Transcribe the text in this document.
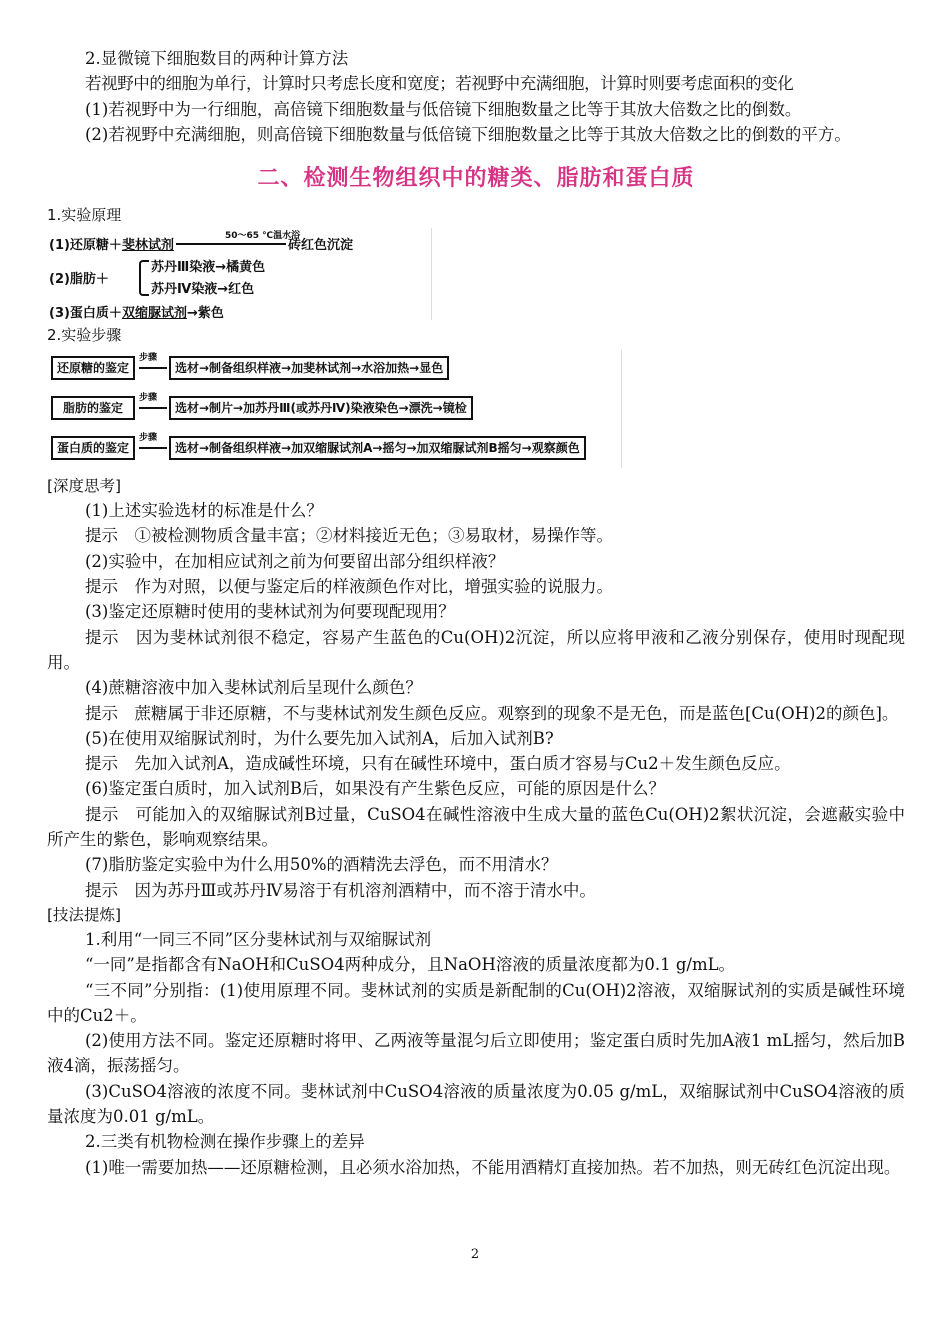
2.显微镜下细胞数目的两种计算方法

若视野中的细胞为单行，计算时只考虑长度和宽度；若视野中充满细胞，计算时则要考虑面积的变化

(1)若视野中为一行细胞，高倍镜下细胞数量与低倍镜下细胞数量之比等于其放大倍数之比的倒数。

(2)若视野中充满细胞，则高倍镜下细胞数量与低倍镜下细胞数量之比等于其放大倍数之比的倒数的平方。

二、检测生物组织中的糖类、脂肪和蛋白质
1.实验原理
(1)还原糖＋斐林试剂	砖红色沉淀
50～65 ℃温水浴
(2)脂肪＋
苏丹Ⅲ染液→橘黄色
苏丹Ⅳ染液→红色
(3)蛋白质＋双缩脲试剂→紫色
2.实验步骤
还原糖的鉴定
步骤
选材→制备组织样液→加斐林试剂→水浴加热→显色
脂肪的鉴定
步骤
选材→制片→加苏丹Ⅲ(或苏丹Ⅳ)染液染色→漂洗→镜检
蛋白质的鉴定
步骤
选材→制备组织样液→加双缩脲试剂A→摇匀→加双缩脲试剂B摇匀→观察颜色
[深度思考]

(1)上述实验选材的标准是什么？

提示　①被检测物质含量丰富；②材料接近无色；③易取材，易操作等。

(2)实验中，在加相应试剂之前为何要留出部分组织样液？

提示　作为对照，以便与鉴定后的样液颜色作对比，增强实验的说服力。

(3)鉴定还原糖时使用的斐林试剂为何要现配现用？

提示　因为斐林试剂很不稳定，容易产生蓝色的Cu(OH)2沉淀，所以应将甲液和乙液分别保存，使用时现配现用。

(4)蔗糖溶液中加入斐林试剂后呈现什么颜色？

提示　蔗糖属于非还原糖，不与斐林试剂发生颜色反应。观察到的现象不是无色，而是蓝色[Cu(OH)2的颜色]。

(5)在使用双缩脲试剂时，为什么要先加入试剂A，后加入试剂B?

提示　先加入试剂A，造成碱性环境，只有在碱性环境中，蛋白质才容易与Cu2＋发生颜色反应。

(6)鉴定蛋白质时，加入试剂B后，如果没有产生紫色反应，可能的原因是什么？

提示　可能加入的双缩脲试剂B过量，CuSO4在碱性溶液中生成大量的蓝色Cu(OH)2絮状沉淀，会遮蔽实验中所产生的紫色，影响观察结果。

(7)脂肪鉴定实验中为什么用50%的酒精洗去浮色，而不用清水？

提示　因为苏丹Ⅲ或苏丹Ⅳ易溶于有机溶剂酒精中，而不溶于清水中。

[技法提炼]

1.利用“一同三不同”区分斐林试剂与双缩脲试剂

“一同”是指都含有NaOH和CuSO4两种成分，且NaOH溶液的质量浓度都为0.1 g/mL。

“三不同”分别指：(1)使用原理不同。斐林试剂的实质是新配制的Cu(OH)2溶液，双缩脲试剂的实质是碱性环境中的Cu2＋。

(2)使用方法不同。鉴定还原糖时将甲、乙两液等量混匀后立即使用；鉴定蛋白质时先加A液1 mL摇匀，然后加B液4滴，振荡摇匀。

(3)CuSO4溶液的浓度不同。斐林试剂中CuSO4溶液的质量浓度为0.05 g/mL，双缩脲试剂中CuSO4溶液的质量浓度为0.01 g/mL。

2.三类有机物检测在操作步骤上的差异

(1)唯一需要加热——还原糖检测，且必须水浴加热，不能用酒精灯直接加热。若不加热，则无砖红色沉淀出现。

2
